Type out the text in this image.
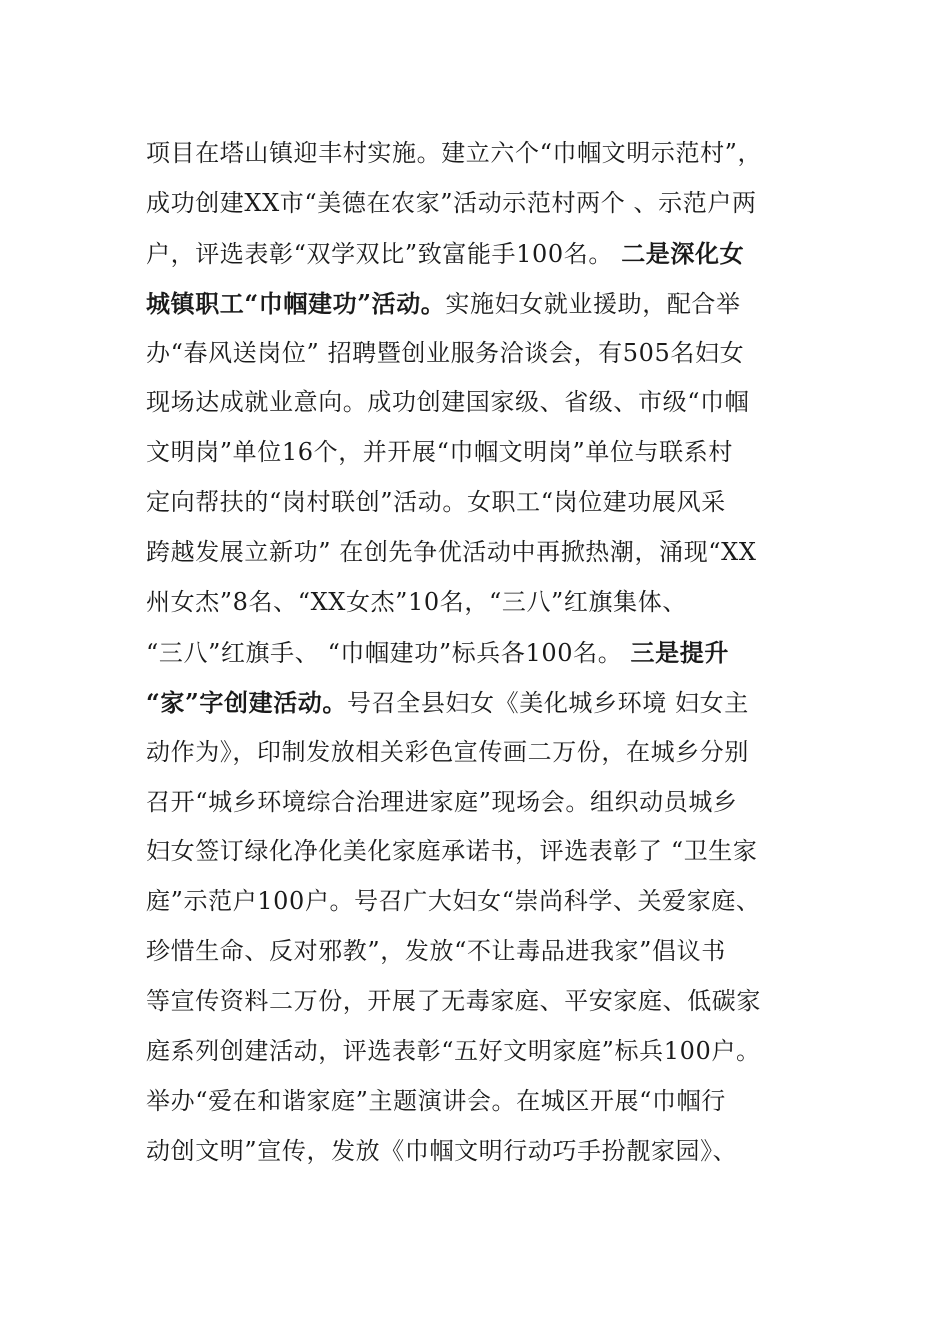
项目在塔山镇迎丰村实施。建立六个“巾帼文明示范村”，
成功创建XX市“美德在农家”活动示范村两个 、示范户两
户，评选表彰“双学双比”致富能手100名。 二是深化女
城镇职工“巾帼建功”活动。实施妇女就业援助，配合举
办“春风送岗位” 招聘暨创业服务洽谈会，有505名妇女
现场达成就业意向。成功创建国家级、省级、市级“巾帼
文明岗”单位16个，并开展“巾帼文明岗”单位与联系村
定向帮扶的“岗村联创”活动。女职工“岗位建功展风采
跨越发展立新功” 在创先争优活动中再掀热潮，涌现“XX
州女杰”8名、“XX女杰”10名，“三八”红旗集体、
“三八”红旗手、 “巾帼建功”标兵各100名。 三是提升
“家”字创建活动。号召全县妇女《美化城乡环境 妇女主
动作为》，印制发放相关彩色宣传画二万份，在城乡分别
召开“城乡环境综合治理进家庭”现场会。组织动员城乡
妇女签订绿化净化美化家庭承诺书，评选表彰了 “卫生家
庭”示范户100户。号召广大妇女“崇尚科学、关爱家庭、
珍惜生命、反对邪教”，发放“不让毒品进我家”倡议书
等宣传资料二万份，开展了无毒家庭、平安家庭、低碳家
庭系列创建活动，评选表彰“五好文明家庭”标兵100户。
举办“爱在和谐家庭”主题演讲会。在城区开展“巾帼行
动创文明”宣传，发放《巾帼文明行动巧手扮靓家园》、
